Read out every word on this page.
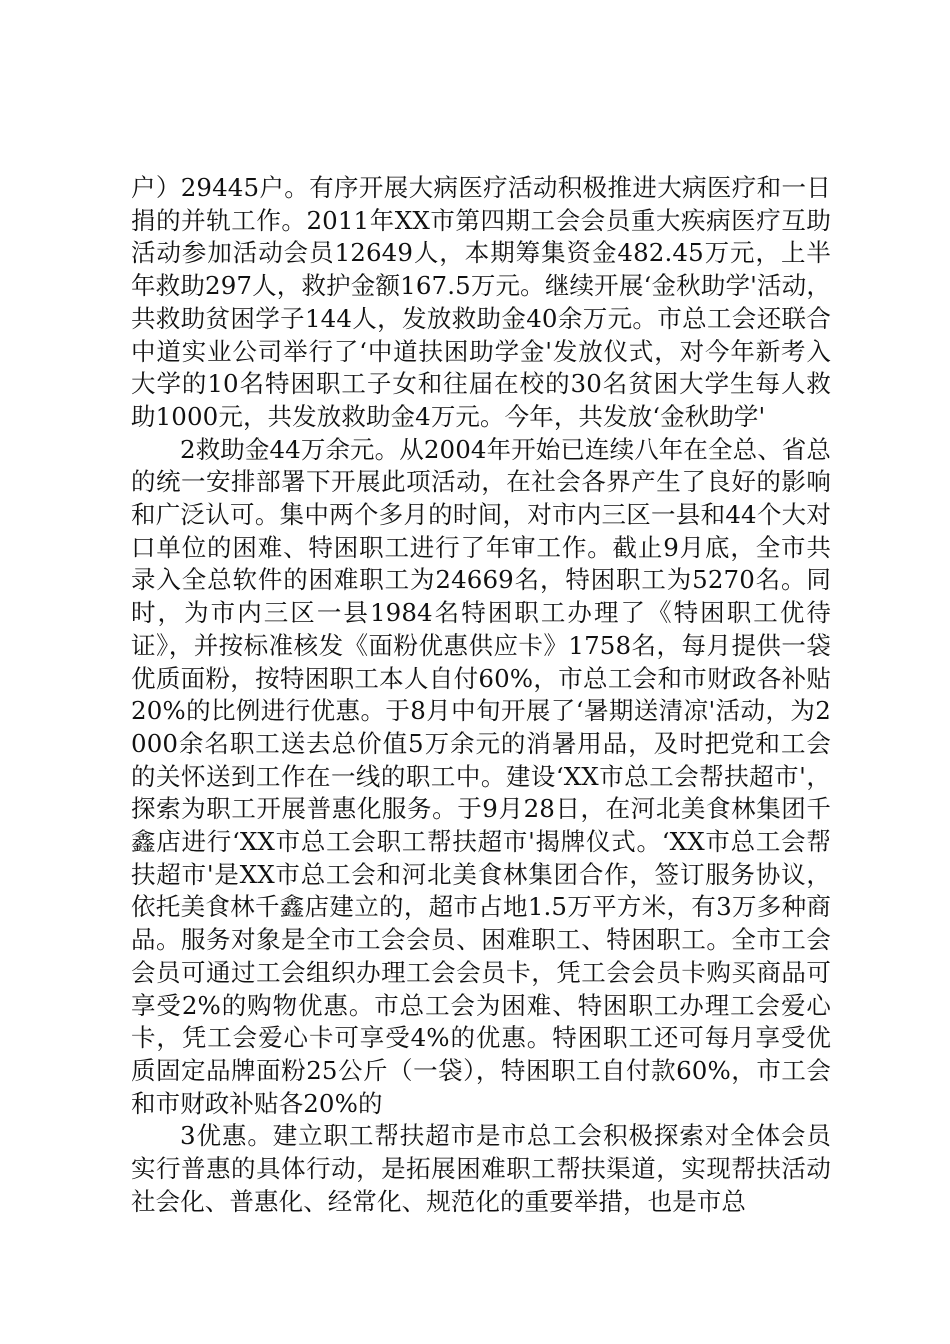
户）29445户。有序开展大病医疗活动积极推进大病医疗和一日捐的并轨工作。2011年XX市第四期工会会员重大疾病医疗互助活动参加活动会员12649人，本期筹集资金482.45万元，上半年救助297人，救护金额167.5万元。继续开展‘金秋助学'活动，共救助贫困学子144人，发放救助金40余万元。市总工会还联合中道实业公司举行了‘中道扶困助学金'发放仪式，对今年新考入大学的10名特困职工子女和往届在校的30名贫困大学生每人救助1000元，共发放救助金4万元。今年，共发放‘金秋助学'

2救助金44万余元。从2004年开始已连续八年在全总、省总的统一安排部署下开展此项活动，在社会各界产生了良好的影响和广泛认可。集中两个多月的时间，对市内三区一县和44个大对口单位的困难、特困职工进行了年审工作。截止9月底，全市共录入全总软件的困难职工为24669名，特困职工为5270名。同时，为市内三区一县1984名特困职工办理了《特困职工优待证》，并按标准核发《面粉优惠供应卡》1758名，每月提供一袋优质面粉，按特困职工本人自付60%，市总工会和市财政各补贴20%的比例进行优惠。于8月中旬开展了‘暑期送清凉'活动，为2000余名职工送去总价值5万余元的消暑用品，及时把党和工会的关怀送到工作在一线的职工中。建设‘XX市总工会帮扶超市'，探索为职工开展普惠化服务。于9月28日，在河北美食林集团千鑫店进行‘XX市总工会职工帮扶超市'揭牌仪式。‘XX市总工会帮扶超市'是XX市总工会和河北美食林集团合作，签订服务协议，依托美食林千鑫店建立的，超市占地1.5万平方米，有3万多种商品。服务对象是全市工会会员、困难职工、特困职工。全市工会会员可通过工会组织办理工会会员卡，凭工会会员卡购买商品可享受2%的购物优惠。市总工会为困难、特困职工办理工会爱心卡，凭工会爱心卡可享受4%的优惠。特困职工还可每月享受优质固定品牌面粉25公斤（一袋），特困职工自付款60%，市工会和市财政补贴各20%的

3优惠。建立职工帮扶超市是市总工会积极探索对全体会员实行普惠的具体行动，是拓展困难职工帮扶渠道，实现帮扶活动社会化、普惠化、经常化、规范化的重要举措，也是市总
